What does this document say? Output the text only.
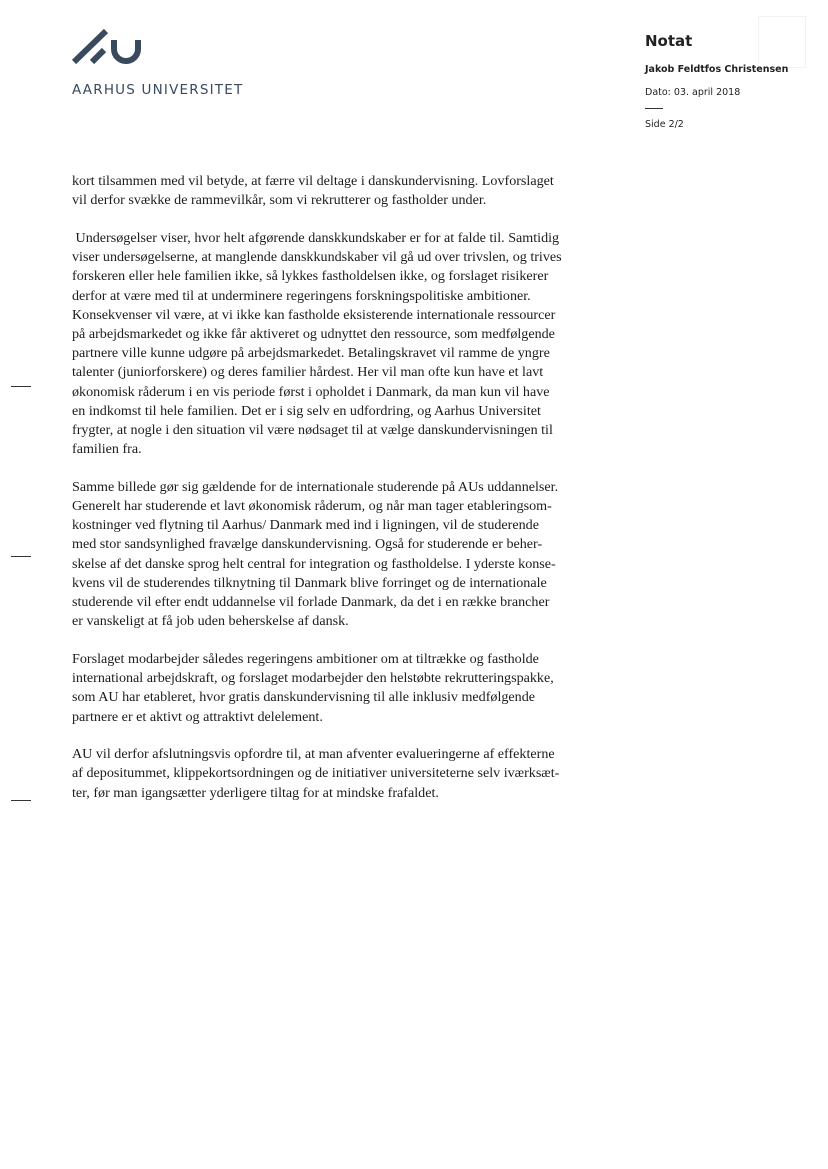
AARHUS UNIVERSITET
Notat
Jakob Feldtfos Christensen
Dato: 03. april 2018
Side 2/2

kort tilsammen med vil betyde, at færre vil deltage i danskundervisning. Lovforslaget
vil derfor svække de rammevilkår, som vi rekrutterer og fastholder under.

Undersøgelser viser, hvor helt afgørende danskkundskaber er for at falde til. Samtidig
viser undersøgelserne, at manglende danskkundskaber vil gå ud over trivslen, og trives
forskeren eller hele familien ikke, så lykkes fastholdelsen ikke, og forslaget risikerer
derfor at være med til at underminere regeringens forskningspolitiske ambitioner.
Konsekvenser vil være, at vi ikke kan fastholde eksisterende internationale ressourcer
på arbejdsmarkedet og ikke får aktiveret og udnyttet den ressource, som medfølgende
partnere ville kunne udgøre på arbejdsmarkedet. Betalingskravet vil ramme de yngre
talenter (juniorforskere) og deres familier hårdest. Her vil man ofte kun have et lavt
økonomisk råderum i en vis periode først i opholdet i Danmark, da man kun vil have
en indkomst til hele familien. Det er i sig selv en udfordring, og Aarhus Universitet
frygter, at nogle i den situation vil være nødsaget til at vælge danskundervisningen til
familien fra.

Samme billede gør sig gældende for de internationale studerende på AUs uddannelser.
Generelt har studerende et lavt økonomisk råderum, og når man tager etableringsom-
kostninger ved flytning til Aarhus/ Danmark med ind i ligningen, vil de studerende
med stor sandsynlighed fravælge danskundervisning. Også for studerende er beher-
skelse af det danske sprog helt central for integration og fastholdelse. I yderste konse-
kvens vil de studerendes tilknytning til Danmark blive forringet og de internationale
studerende vil efter endt uddannelse vil forlade Danmark, da det i en række brancher
er vanskeligt at få job uden beherskelse af dansk.

Forslaget modarbejder således regeringens ambitioner om at tiltrække og fastholde
international arbejdskraft, og forslaget modarbejder den helstøbte rekrutteringspakke,
som AU har etableret, hvor gratis danskundervisning til alle inklusiv medfølgende
partnere er et aktivt og attraktivt delelement.

AU vil derfor afslutningsvis opfordre til, at man afventer evalueringerne af effekterne
af depositummet, klippekortsordningen og de initiativer universiteterne selv iværksæt-
ter, før man igangsætter yderligere tiltag for at mindske frafaldet.
